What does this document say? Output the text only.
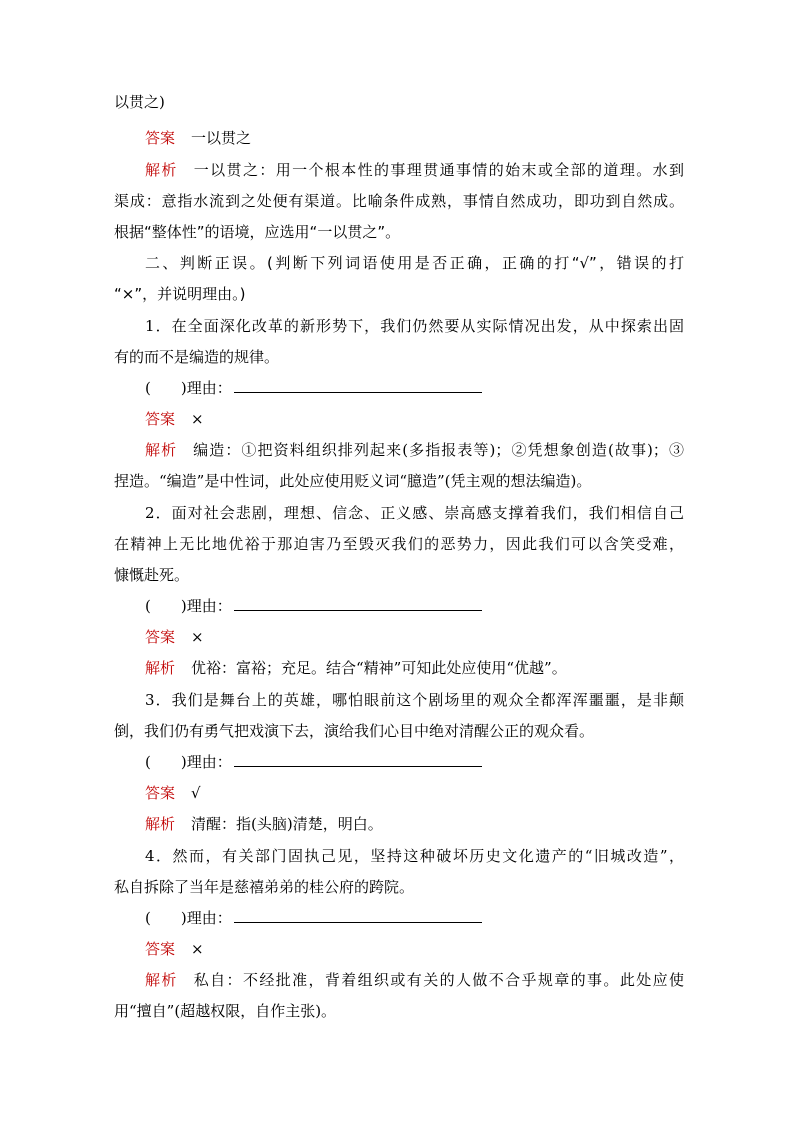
以贯之)
答案 一以贯之
解析 一以贯之：用一个根本性的事理贯通事情的始末或全部的道理。水到
渠成：意指水流到之处便有渠道。比喻条件成熟，事情自然成功，即功到自然成。
根据“整体性”的语境，应选用“一以贯之”。
二、判断正误。(判断下列词语使用是否正确，正确的打“√”，错误的打
“×”，并说明理由。)
1．在全面深化改革的新形势下，我们仍然要从实际情况出发，从中探索出固
有的而不是编造的规律。
(　　)理由：
答案 ×
解析 编造：①把资料组织排列起来(多指报表等)；②凭想象创造(故事)；③
捏造。“编造”是中性词，此处应使用贬义词“臆造”(凭主观的想法编造)。
2．面对社会悲剧，理想、信念、正义感、崇高感支撑着我们，我们相信自己
在精神上无比地优裕于那迫害乃至毁灭我们的恶势力，因此我们可以含笑受难，
慷慨赴死。
(　　)理由：
答案 ×
解析 优裕：富裕；充足。结合“精神”可知此处应使用“优越”。
3．我们是舞台上的英雄，哪怕眼前这个剧场里的观众全都浑浑噩噩，是非颠
倒，我们仍有勇气把戏演下去，演给我们心目中绝对清醒公正的观众看。
(　　)理由：
答案 √
解析 清醒：指(头脑)清楚，明白。
4．然而，有关部门固执己见，坚持这种破坏历史文化遗产的“旧城改造”，
私自拆除了当年是慈禧弟弟的桂公府的跨院。
(　　)理由：
答案 ×
解析 私自：不经批准，背着组织或有关的人做不合乎规章的事。此处应使
用“擅自”(超越权限，自作主张)。
